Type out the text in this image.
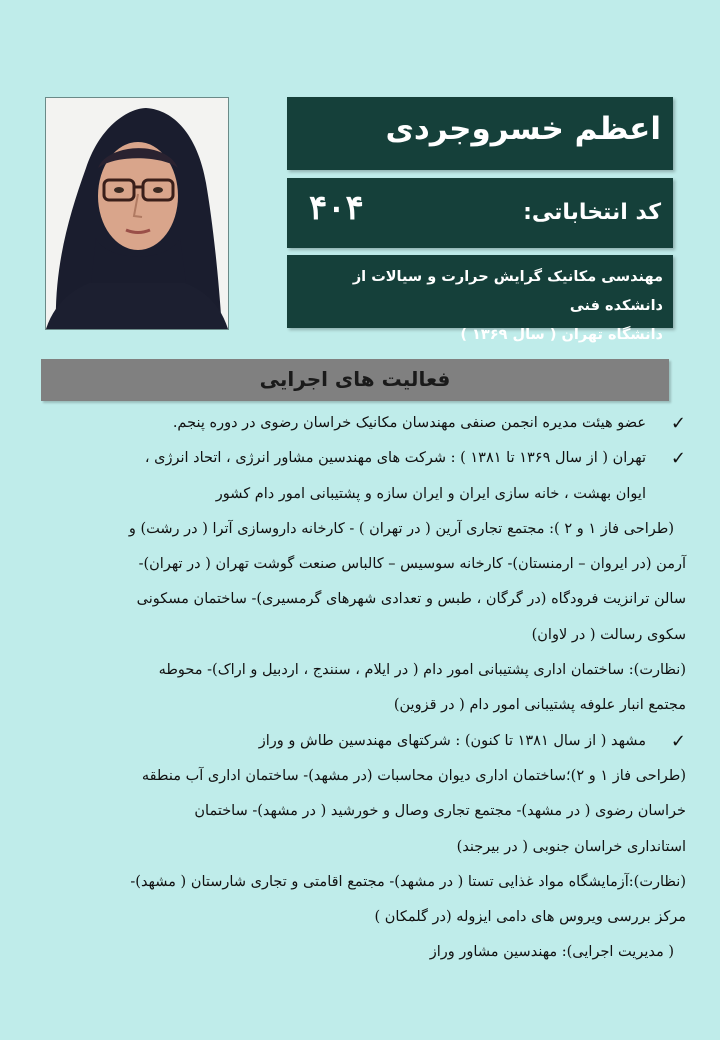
اعظم خسروجردی
کد انتخاباتی:
۴۰۴
مهندسی مکانیک گرایش حرارت و سیالات از دانشکده فنی
دانشگاه تهران ( سال ۱۳۶۹ )
فعالیت های اجرایی
✓
عضو هیئت مدیره انجمن صنفی مهندسان مکانیک خراسان رضوی در دوره پنجم.
✓
تهران ( از سال ۱۳۶۹ تا ۱۳۸۱ ) : شرکت های مهندسین مشاور انرژی ، اتحاد انرژی ،
ایوان بهشت ، خانه سازی ایران و ایران سازه و پشتیبانی امور دام کشور
(طراحی فاز ۱ و ۲ ): مجتمع تجاری آرین ( در تهران ) - کارخانه داروسازی آترا ( در رشت) و
آرمن (در ایروان – ارمنستان)- کارخانه سوسیس – کالباس صنعت گوشت تهران ( در تهران)-
سالن ترانزیت فرودگاه (در گرگان ، طبس و تعدادی شهرهای گرمسیری)- ساختمان مسکونی
سکوی رسالت ( در لاوان)
(نظارت): ساختمان اداری پشتیبانی امور دام ( در ایلام ، سنندج ، اردبیل و اراک)- محوطه
مجتمع انبار علوفه پشتیبانی امور دام ( در قزوین)
✓
مشهد ( از سال ۱۳۸۱ تا کنون) : شرکتهای مهندسین طاش و وراز
(طراحی فاز ۱ و ۲)؛ساختمان اداری دیوان محاسبات (در مشهد)- ساختمان اداری آب منطقه
خراسان رضوی ( در مشهد)- مجتمع تجاری وصال و خورشید ( در مشهد)- ساختمان
استانداری خراسان جنوبی ( در بیرجند)
(نظارت):آزمایشگاه مواد غذایی تستا ( در مشهد)- مجتمع اقامتی و تجاری شارستان ( مشهد)-
مرکز بررسی ویروس های دامی ایزوله (در گلمکان )
( مدیریت اجرایی): مهندسین مشاور وراز
